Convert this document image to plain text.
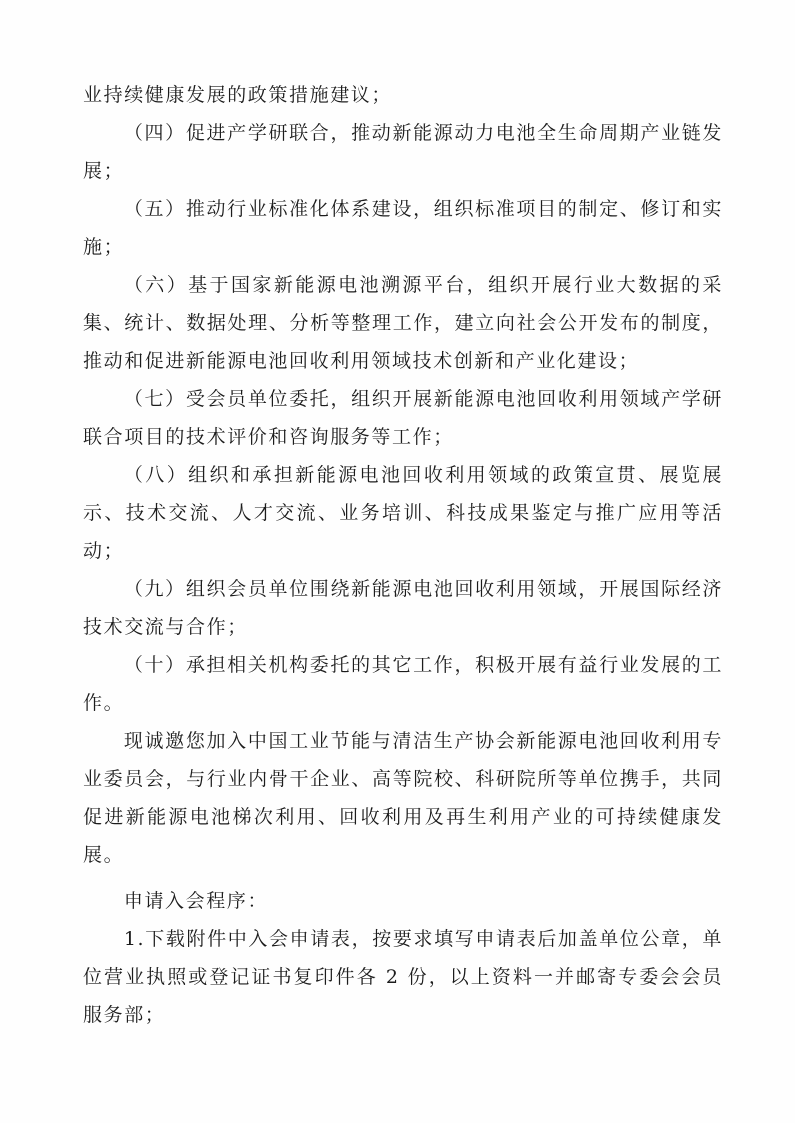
业持续健康发展的政策措施建议；

（四）促进产学研联合，推动新能源动力电池全生命周期产业链发展；

（五）推动行业标准化体系建设，组织标准项目的制定、修订和实施；

（六）基于国家新能源电池溯源平台，组织开展行业大数据的采集、统计、数据处理、分析等整理工作，建立向社会公开发布的制度，推动和促进新能源电池回收利用领域技术创新和产业化建设；

（七）受会员单位委托，组织开展新能源电池回收利用领域产学研联合项目的技术评价和咨询服务等工作；

（八）组织和承担新能源电池回收利用领域的政策宣贯、展览展示、技术交流、人才交流、业务培训、科技成果鉴定与推广应用等活动；

（九）组织会员单位围绕新能源电池回收利用领域，开展国际经济技术交流与合作；

（十）承担相关机构委托的其它工作，积极开展有益行业发展的工作。

现诚邀您加入中国工业节能与清洁生产协会新能源电池回收利用专业委员会，与行业内骨干企业、高等院校、科研院所等单位携手，共同促进新能源电池梯次利用、回收利用及再生利用产业的可持续健康发展。

申请入会程序：

1.下载附件中入会申请表，按要求填写申请表后加盖单位公章，单位营业执照或登记证书复印件各 2 份，以上资料一并邮寄专委会会员服务部；
